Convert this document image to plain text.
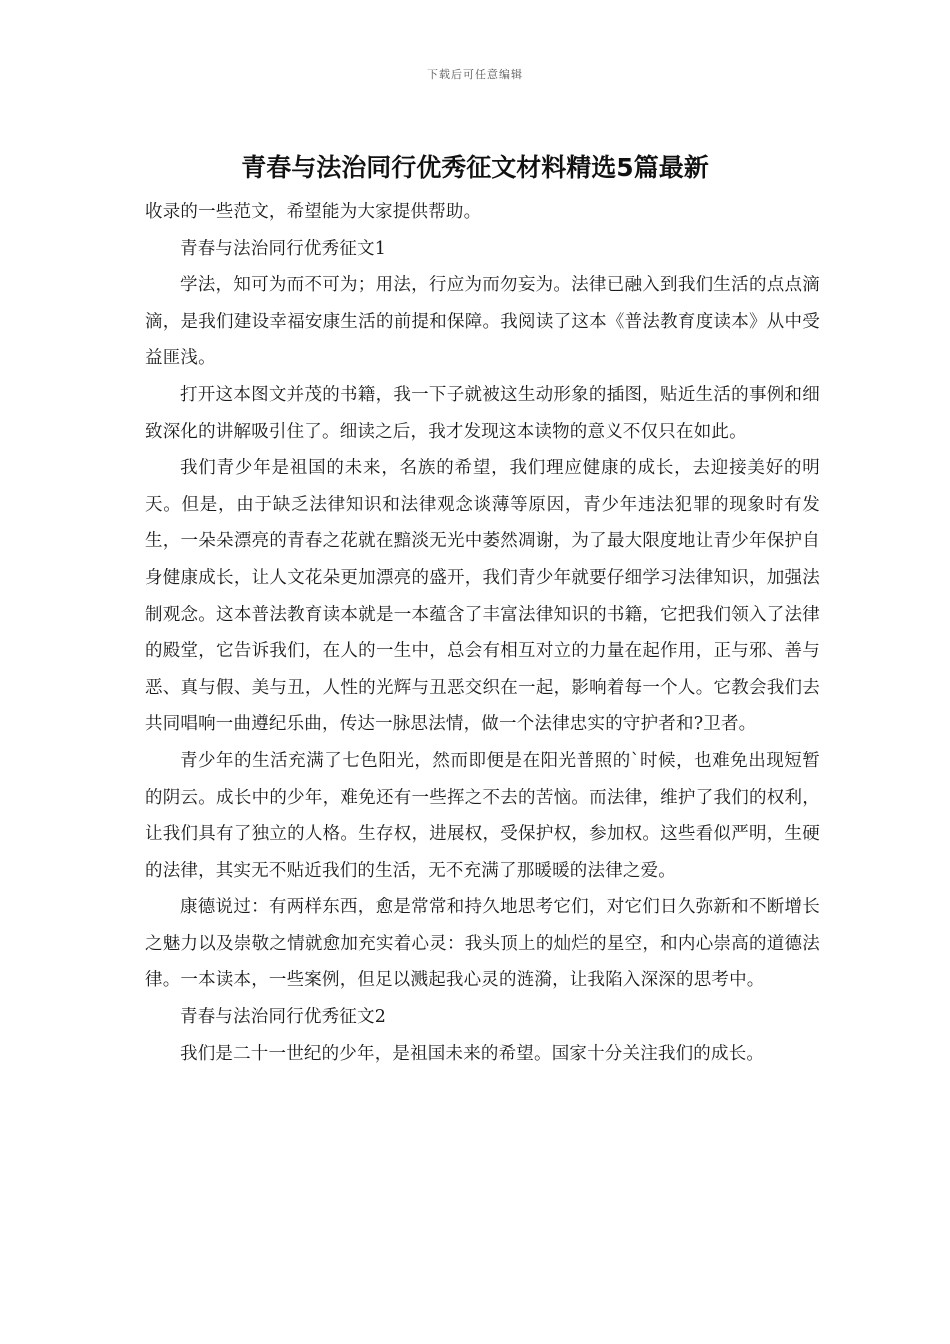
下载后可任意编辑
青春与法治同行优秀征文材料精选5篇最新

收录的一些范文，希望能为大家提供帮助。

青春与法治同行优秀征文1

学法，知可为而不可为；用法，行应为而勿妄为。法律已融入到我们生活的点点滴滴，是我们建设幸福安康生活的前提和保障。我阅读了这本《普法教育度读本》从中受益匪浅。

打开这本图文并茂的书籍，我一下子就被这生动形象的插图，贴近生活的事例和细致深化的讲解吸引住了。细读之后，我才发现这本读物的意义不仅只在如此。

我们青少年是祖国的未来，名族的希望，我们理应健康的成长，去迎接美好的明天。但是，由于缺乏法律知识和法律观念谈薄等原因，青少年违法犯罪的现象时有发生，一朵朵漂亮的青春之花就在黯淡无光中萎然凋谢，为了最大限度地让青少年保护自身健康成长，让人文花朵更加漂亮的盛开，我们青少年就要仔细学习法律知识，加强法制观念。这本普法教育读本就是一本蕴含了丰富法律知识的书籍，它把我们领入了法律的殿堂，它告诉我们，在人的一生中，总会有相互对立的力量在起作用，正与邪、善与恶、真与假、美与丑，人性的光辉与丑恶交织在一起，影响着每一个人。它教会我们去共同唱响一曲遵纪乐曲，传达一脉思法情，做一个法律忠实的守护者和?卫者。

青少年的生活充满了七色阳光，然而即便是在阳光普照的`时候，也难免出现短暂的阴云。成长中的少年，难免还有一些挥之不去的苦恼。而法律，维护了我们的权利，让我们具有了独立的人格。生存权，进展权，受保护权，参加权。这些看似严明，生硬的法律，其实无不贴近我们的生活，无不充满了那暖暖的法律之爱。

康德说过：有两样东西，愈是常常和持久地思考它们，对它们日久弥新和不断增长之魅力以及崇敬之情就愈加充实着心灵：我头顶上的灿烂的星空，和内心崇高的道德法律。一本读本，一些案例，但足以溅起我心灵的涟漪，让我陷入深深的思考中。

青春与法治同行优秀征文2

我们是二十一世纪的少年，是祖国未来的希望。国家十分关注我们的成长。
